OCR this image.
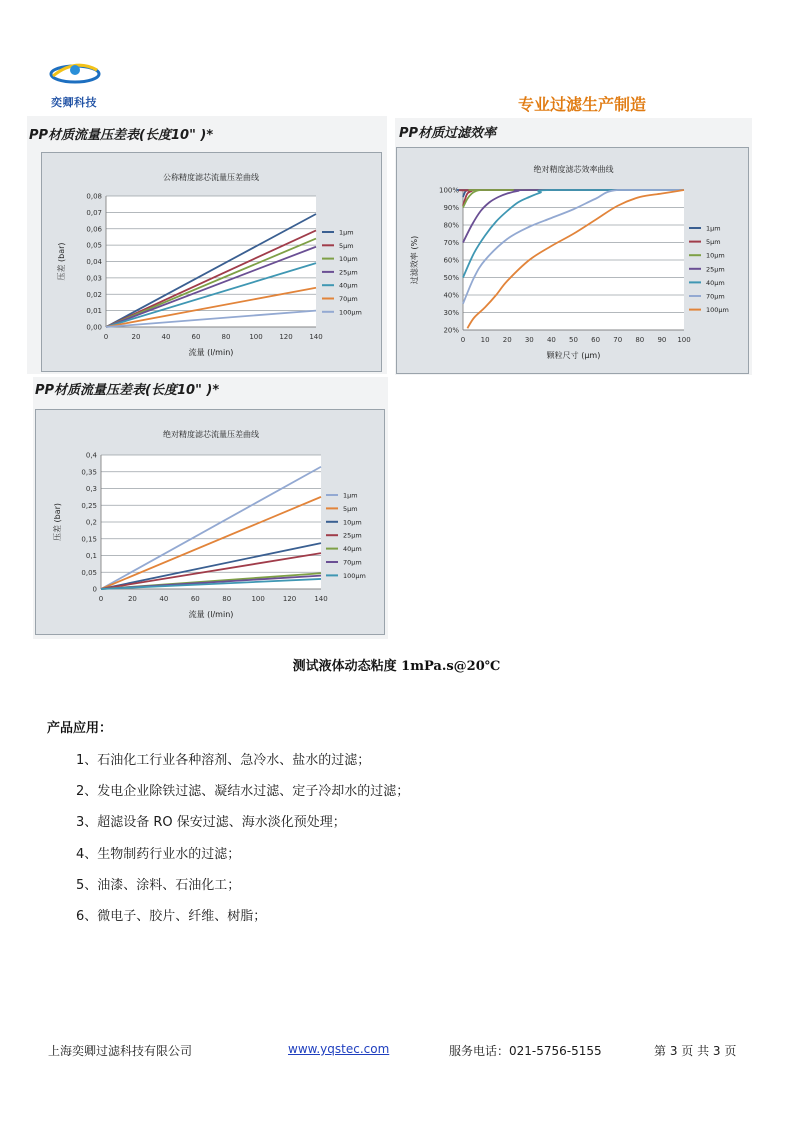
奕卿科技	专业过滤生产制造
PP材质流量压差表(长度10" )*
0,00
0,01
0,02
0,03
0,04
0,05
0,06
0,07
0,08
0	20	40	60	80	100 120 140
公称精度滤芯流量压差曲线
流量 (l/min)
压差 (bar)
1μm
5μm
10μm
25μm
40μm
70μm
100μm
PP材质过滤效率
20%
30%
40%
50%
60%
70%
80%
90%
100%
0 10 20 30 40 50 60 70 80 90 100
绝对精度滤芯效率曲线
颗粒尺寸 (μm)
过滤效率 (%)
1μm
5μm
10μm
25μm
40μm
70μm
100μm
PP材质流量压差表(长度10" )*
0
0,05
0,1
0,15
0,2
0,25
0,3
0,35
0,4
0	20	40	60	80	100	120	140
绝对精度滤芯流量压差曲线
流量 (l/min)
压差 (bar)
1μm
5μm
10μm
25μm
40μm
70μm
100μm
测试液体动态粘度 1mPa.s@20℃
产品应用：
1、石油化工行业各种溶剂、急冷水、盐水的过滤；
2、发电企业除铁过滤、凝结水过滤、定子冷却水的过滤；
3、超滤设备 RO 保安过滤、海水淡化预处理；
4、生物制药行业水的过滤；
5、油漆、涂料、石油化工；
6、微电子、胶片、纤维、树脂；
上海奕卿过滤科技有限公司	www.yqstec.com	服务电话：021-5756-5155	第 3 页 共 3 页
